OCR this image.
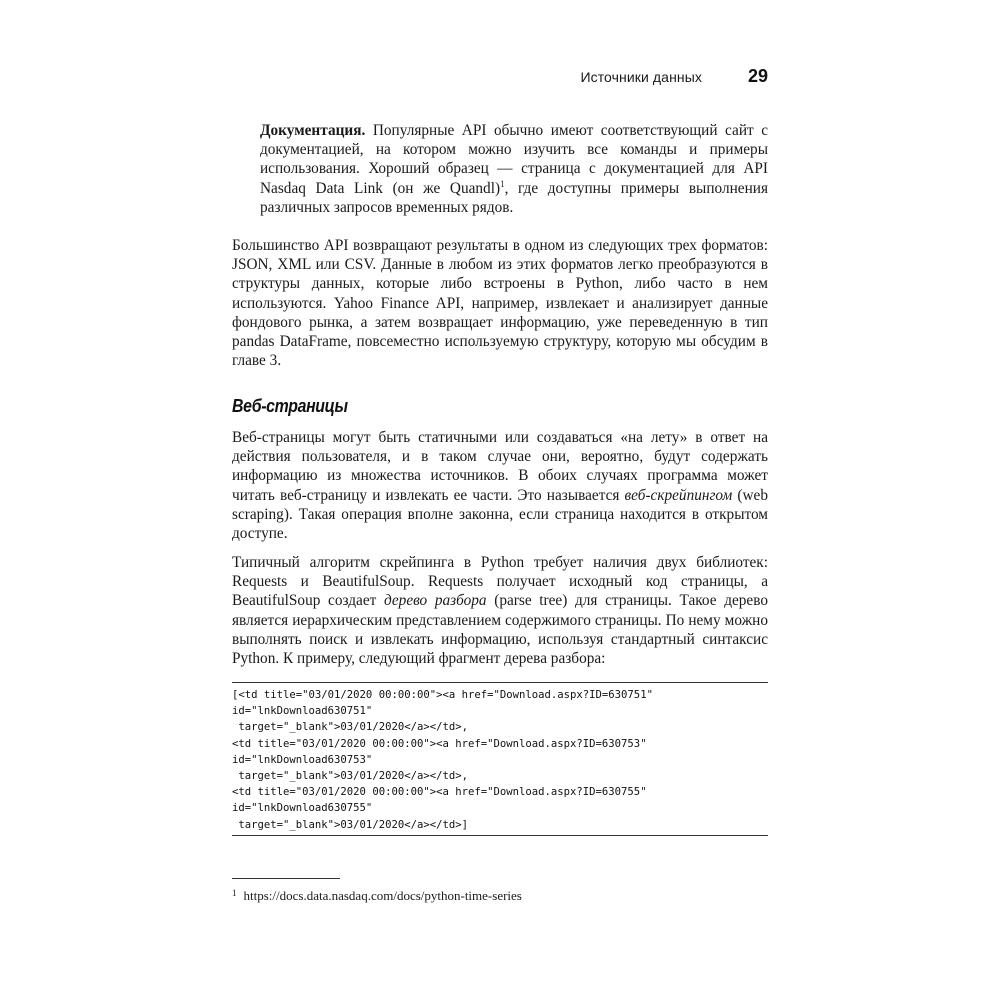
Источники данных	29
Документация. Популярные API обычно имеют соответствующий сайт с документацией, на котором можно изучить все команды и примеры использования. Хороший образец — страница с документацией для API Nasdaq Data Link (он же Quandl)$^1$, где доступны примеры выполнения различных запросов временных рядов.
Большинство API возвращают результаты в одном из следующих трех форматов: JSON, XML или CSV. Данные в любом из этих форматов легко преобразуются в структуры данных, которые либо встроены в Python, либо часто в нем используются. Yahoo Finance API, например, извлекает и анализирует данные фондового рынка, а затем возвращает информацию, уже переведенную в тип pandas DataFrame, повсеместно используемую структуру, которую мы обсудим в главе 3.
Веб-страницы
Веб-страницы могут быть статичными или создаваться «на лету» в ответ на действия пользователя, и в таком случае они, вероятно, будут содержать информацию из множества источников. В обоих случаях программа может читать веб-страницу и извлекать ее части. Это называется веб-скрейпингом (web scraping). Такая операция вполне законна, если страница находится в открытом доступе.
Типичный алгоритм скрейпинга в Python требует наличия двух библиотек: Requests и BeautifulSoup. Requests получает исходный код страницы, а BeautifulSoup создает дерево разбора (parse tree) для страницы. Такое дерево является иерархическим представлением содержимого страницы. По нему можно выполнять поиск и извлекать информацию, используя стандартный синтаксис Python. К примеру, следующий фрагмент дерева разбора:
[<td title="03/01/2020 00:00:00"><a href="Download.aspx?ID=630751"
id="lnkDownload630751"
target="_blank">03/01/2020</a></td>,
<td title="03/01/2020 00:00:00"><a href="Download.aspx?ID=630753"
id="lnkDownload630753"
target="_blank">03/01/2020</a></td>,
<td title="03/01/2020 00:00:00"><a href="Download.aspx?ID=630755"
id="lnkDownload630755"
target="_blank">03/01/2020</a></td>]
$^1$ https://docs.data.nasdaq.com/docs/python-time-series
